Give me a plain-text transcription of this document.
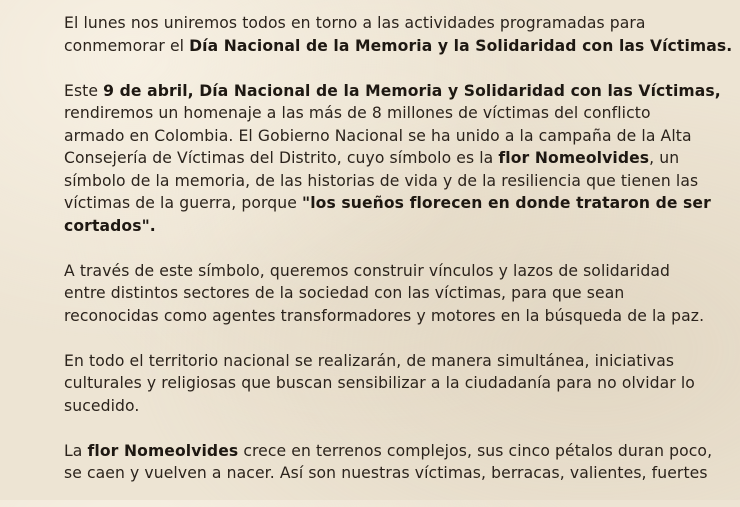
El lunes nos uniremos todos en torno a las actividades programadas para
conmemorar el Día Nacional de la Memoria y la Solidaridad con las Víctimas.

Este 9 de abril, Día Nacional de la Memoria y Solidaridad con las Víctimas,
rendiremos un homenaje a las más de 8 millones de víctimas del conflicto
armado en Colombia. El Gobierno Nacional se ha unido a la campaña de la Alta
Consejería de Víctimas del Distrito, cuyo símbolo es la flor Nomeolvides, un
símbolo de la memoria, de las historias de vida y de la resiliencia que tienen las
víctimas de la guerra, porque "los sueños florecen en donde trataron de ser
cortados".

A través de este símbolo, queremos construir vínculos y lazos de solidaridad
entre distintos sectores de la sociedad con las víctimas, para que sean
reconocidas como agentes transformadores y motores en la búsqueda de la paz.

En todo el territorio nacional se realizarán, de manera simultánea, iniciativas
culturales y religiosas que buscan sensibilizar a la ciudadanía para no olvidar lo
sucedido.

La flor Nomeolvides crece en terrenos complejos, sus cinco pétalos duran poco,
se caen y vuelven a nacer. Así son nuestras víctimas, berracas, valientes, fuertes
